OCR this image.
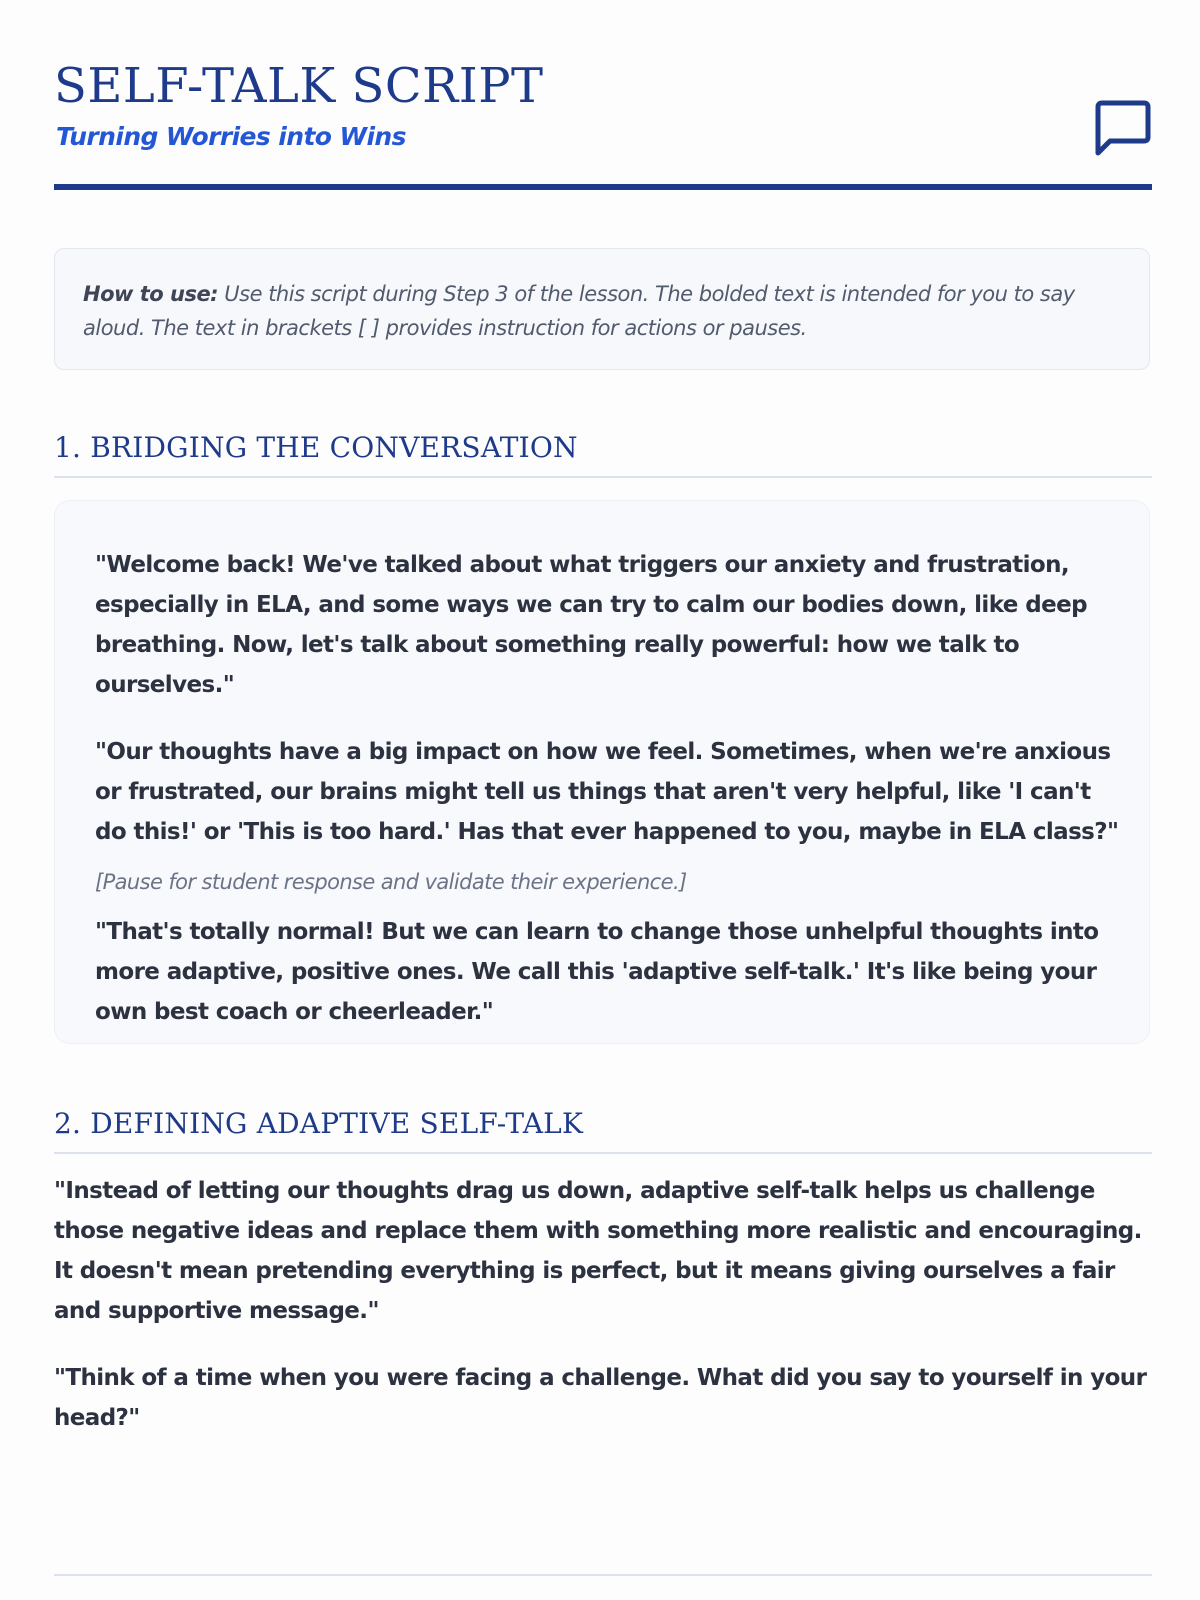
SELF-TALK SCRIPT
Turning Worries into Wins
How to use: Use this script during Step 3 of the lesson. The bolded text is intended for you to say aloud. The text in brackets [ ] provides instruction for actions or pauses.
1. BRIDGING THE CONVERSATION

"Welcome back! We've talked about what triggers our anxiety and frustration, especially in ELA, and some ways we can try to calm our bodies down, like deep breathing. Now, let's talk about something really powerful: how we talk to ourselves."

"Our thoughts have a big impact on how we feel. Sometimes, when we're anxious or frustrated, our brains might tell us things that aren't very helpful, like 'I can't do this!' or 'This is too hard.' Has that ever happened to you, maybe in ELA class?"

[Pause for student response and validate their experience.]

"That's totally normal! But we can learn to change those unhelpful thoughts into more adaptive, positive ones. We call this 'adaptive self-talk.' It's like being your own best coach or cheerleader."

2. DEFINING ADAPTIVE SELF-TALK

"Instead of letting our thoughts drag us down, adaptive self-talk helps us challenge those negative ideas and replace them with something more realistic and encouraging. It doesn't mean pretending everything is perfect, but it means giving ourselves a fair and supportive message."

"Think of a time when you were facing a challenge. What did you say to yourself in your head?"
